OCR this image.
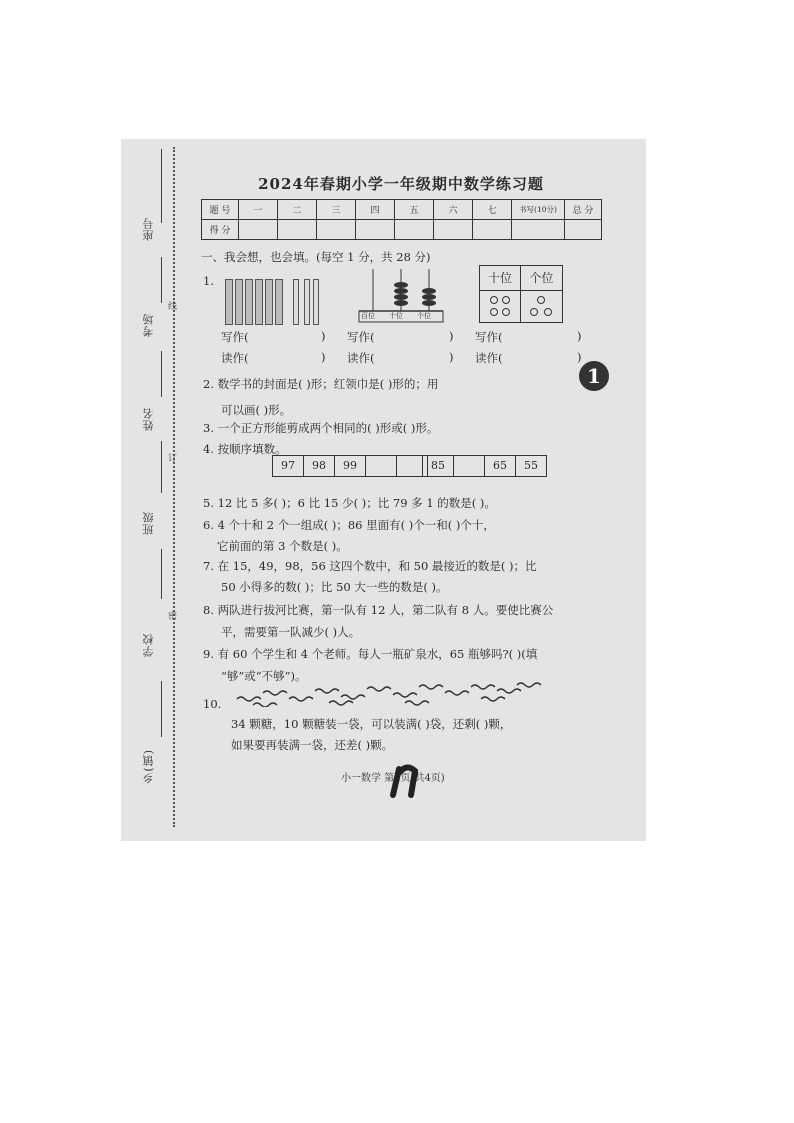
座号
考场
姓名
班级
学校
乡(镇)
线
订
密
2024年春期小学一年级期中数学练习题
题 号	一	二	三	四	五	六	七	书写(10分)	总 分
得 分									
一、我会想，也会填。(每空 1 分，共 28 分)
1.
百位 十位 个位
十位	个位
写作(	) 写作(	) 写作(	)
读作(	) 读作(	) 读作(	)
1
2. 数学书的封面是( )形；红领巾是( )形的；用
可以画( )形。
3. 一个正方形能剪成两个相同的( )形或( )形。
4. 按顺序填数。
97 98 99	85	65 55
5. 12 比 5 多( )；6 比 15 少( )；比 79 多 1 的数是( )。
6. 4 个十和 2 个一组成( )；86 里面有( )个一和( )个十，
它前面的第 3 个数是( )。
7. 在 15，49，98，56 这四个数中，和 50 最接近的数是( )；比
50 小得多的数( )；比 50 大一些的数是( )。
8. 两队进行拔河比赛，第一队有 12 人，第二队有 8 人。要使比赛公
平，需要第一队减少( )人。
9. 有 60 个学生和 4 个老师。每人一瓶矿泉水，65 瓶够吗?( )(填
“够”或“不够”)。
10.
34 颗糖，10 颗糖装一袋，可以装满( )袋，还剩( )颗，
如果要再装满一袋，还差( )颗。
小一数学 第1页(共4页)
